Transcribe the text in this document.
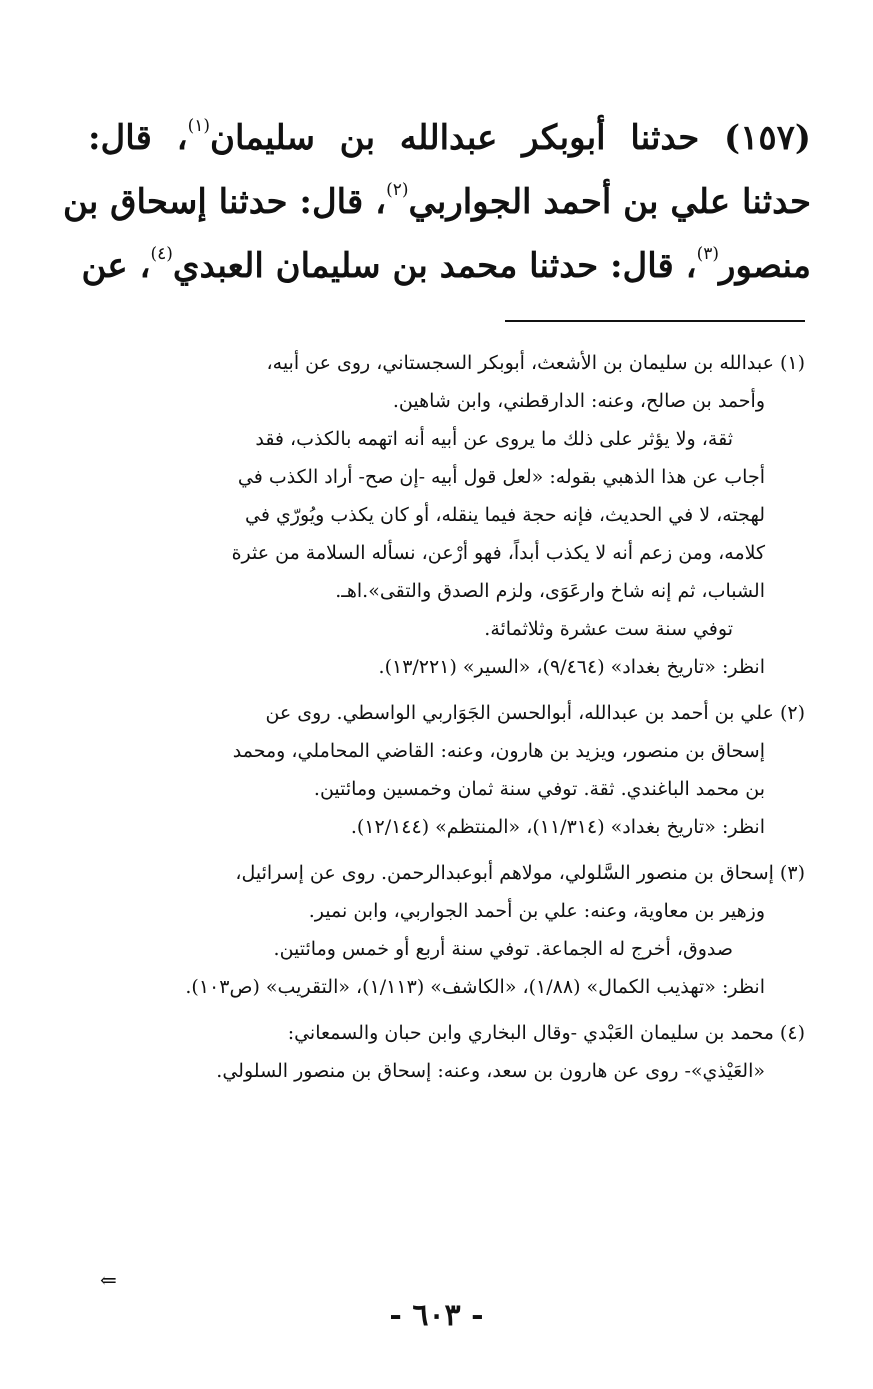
(١٥٧) حدثنا أبوبكر عبدالله بن سليمان$^{(١)}$، قال:

حدثنا علي بن أحمد الجواربي$^{(٢)}$، قال: حدثنا إسحاق بن

منصور$^{(٣)}$، قال: حدثنا محمد بن سليمان العبدي$^{(٤)}$، عن

(١) عبدالله بن سليمان بن الأشعث، أبوبكر السجستاني، روى عن أبيه،

وأحمد بن صالح، وعنه: الدارقطني، وابن شاهين.

ثقة، ولا يؤثر على ذلك ما يروى عن أبيه أنه اتهمه بالكذب، فقد

أجاب عن هذا الذهبي بقوله: «لعل قول أبيه -إن صح- أراد الكذب في

لهجته، لا في الحديث، فإنه حجة فيما ينقله، أو كان يكذب ويُورّي في

كلامه، ومن زعم أنه لا يكذب أبداً، فهو أرْعن، نسأله السلامة من عثرة

الشباب، ثم إنه شاخ وارعَوَى، ولزم الصدق والتقى».اهـ.

توفي سنة ست عشرة وثلاثمائة.

انظر: «تاريخ بغداد» (٩/٤٦٤)، «السير» (١٣/٢٢١).

(٢) علي بن أحمد بن عبدالله، أبوالحسن الجَوَاربي الواسطي. روى عن

إسحاق بن منصور، ويزيد بن هارون، وعنه: القاضي المحاملي، ومحمد

بن محمد الباغندي. ثقة. توفي سنة ثمان وخمسين ومائتين.

انظر: «تاريخ بغداد» (١١/٣١٤)، «المنتظم» (١٢/١٤٤).

(٣) إسحاق بن منصور السَّلولي، مولاهم أبوعبدالرحمن. روى عن إسرائيل،

وزهير بن معاوية، وعنه: علي بن أحمد الجواربي، وابن نمير.

صدوق، أخرج له الجماعة. توفي سنة أربع أو خمس ومائتين.

انظر: «تهذيب الكمال» (١/٨٨)، «الكاشف» (١/١١٣)، «التقريب» (ص١٠٣).

(٤) محمد بن سليمان العَبْدي -وقال البخاري وابن حبان والسمعاني:

«العَيْذي»- روى عن هارون بن سعد، وعنه: إسحاق بن منصور السلولي.

⇐
- ٦٠٣ -
